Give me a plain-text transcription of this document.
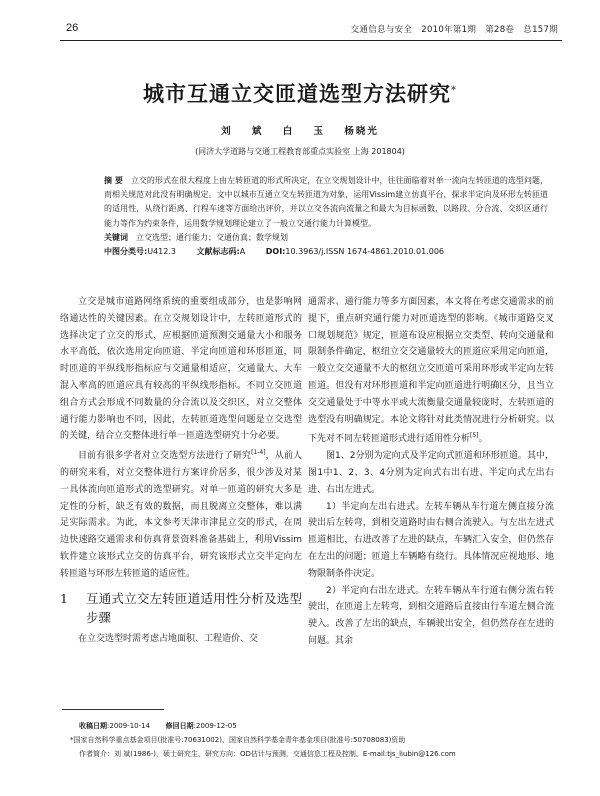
26	交通信息与安全 2010年第1期 第28卷 总157期
城市互通立交匝道选型方法研究*
刘 斌 白 玉 杨晓光
(同济大学道路与交通工程教育部重点实验室 上海 201804)

摘 要 立交的形式在很大程度上由左转匝道的形式所决定，在立交规划设计中，往往面临着对单一流向左转匝道的选型问题，而相关规范对此没有明确规定。文中以城市互通立交左转匝道为对象，运用Vissim建立仿真平台，探求半定向及环形左转匝道的适用性，从绕行距离、行程车速等方面给出评价，并以立交各流向流量之和最大为目标函数，以路段、分合流、交织区通行能力等作为约束条件，运用数学规划理论建立了一般立交通行能力计算模型。

关键词 立交选型；通行能力；交通仿真；数学规划

中图分类号:U412.3	文献标志码:A	DOI:10.3963/j.ISSN 1674-4861.2010.01.006

立交是城市道路网络系统的重要组成部分，也是影响网络通达性的关键因素。在立交规划设计中，左转匝道形式的选择决定了立交的形式，应根据匝道预测交通量大小和服务水平高低，依次选用定向匝道、半定向匝道和环形匝道，同时匝道的平纵线形指标应与交通量相适应，交通量大、大车混入率高的匝道应具有较高的平纵线形指标。不同立交匝道组合方式会形成不同数量的分合流以及交织区，对立交整体通行能力影响也不同，因此，左转匝道选型问题是立交选型的关键，结合立交整体进行单一匝道选型研究十分必要。

目前有很多学者对立交选型方法进行了研究[1-4]，从前人的研究来看，对立交整体进行方案评价居多，很少涉及对某一具体流向匝道形式的选型研究。对单一匝道的研究大多是定性的分析，缺乏有效的数据，而且脱离立交整体，难以满足实际需求。为此，本文参考天津市津昆立交的形式，在周边快速路交通需求和仿真背景资料准备基础上，利用Vissim软件建立该形式立交的仿真平台，研究该形式立交半定向左转匝道与环形左转匝道的适应性。

1	互通式立交左转匝道适用性分析及选型步骤

在立交选型时需考虑占地面积、工程造价、交

通需求、通行能力等多方面因素，本文将在考虑交通需求的前提下，重点研究通行能力对匝道选型的影响。《城市道路交叉口规划规范》规定，匝道布设应根据立交类型、转向交通量和限制条件确定，枢纽立交交通量较大的匝道应采用定向匝道，一般立交交通量不大的枢纽立交匝道可采用环形或半定向左转匝道。但没有对环形匝道和半定向匝道进行明确区分，且当立交交通量处于中等水平或大流衡量交通量较庞时，左转匝道的选型没有明确规定。本论文将针对此类情况进行分析研究。以下先对不同左转匝道形式进行适用性分析[5]。

图1、2分别为定向式及半定向式匝道和环形匝道。其中，图1中1、2、3、4分别为定向式右出右进、半定向式左出右进、右出左进式。

1）半定向左出右进式。左转车辆从车行道左侧直接分流驶出后左转弯，到相交道路时由右侧合流驶入。与左出左进式匝道相比，右进改善了左进的缺点，车辆汇入安全，但仍然存在左出的问题；匝道上车辆略有绕行。具体情况应视地形、地物限制条件决定。

2）半定向右出左进式。左转车辆从车行道右侧分流右转驶出，在匝道上左转弯，到相交道路后直接由行车道左侧合流驶入。改善了左出的缺点，车辆驶出安全，但仍然存在左进的问题。其余

收稿日期:2009-10-14 修回日期:2009-12-05

*国家自然科学重点基金项目(批准号:70631002)、国家自然科学基金青年基金项目(批准号:50708083)资助

作者简介：刘 斌(1986-)，硕士研究生，研究方向：OD估计与预测，交通信息工程及控制。E-mail:tjs_liubin@126.com
